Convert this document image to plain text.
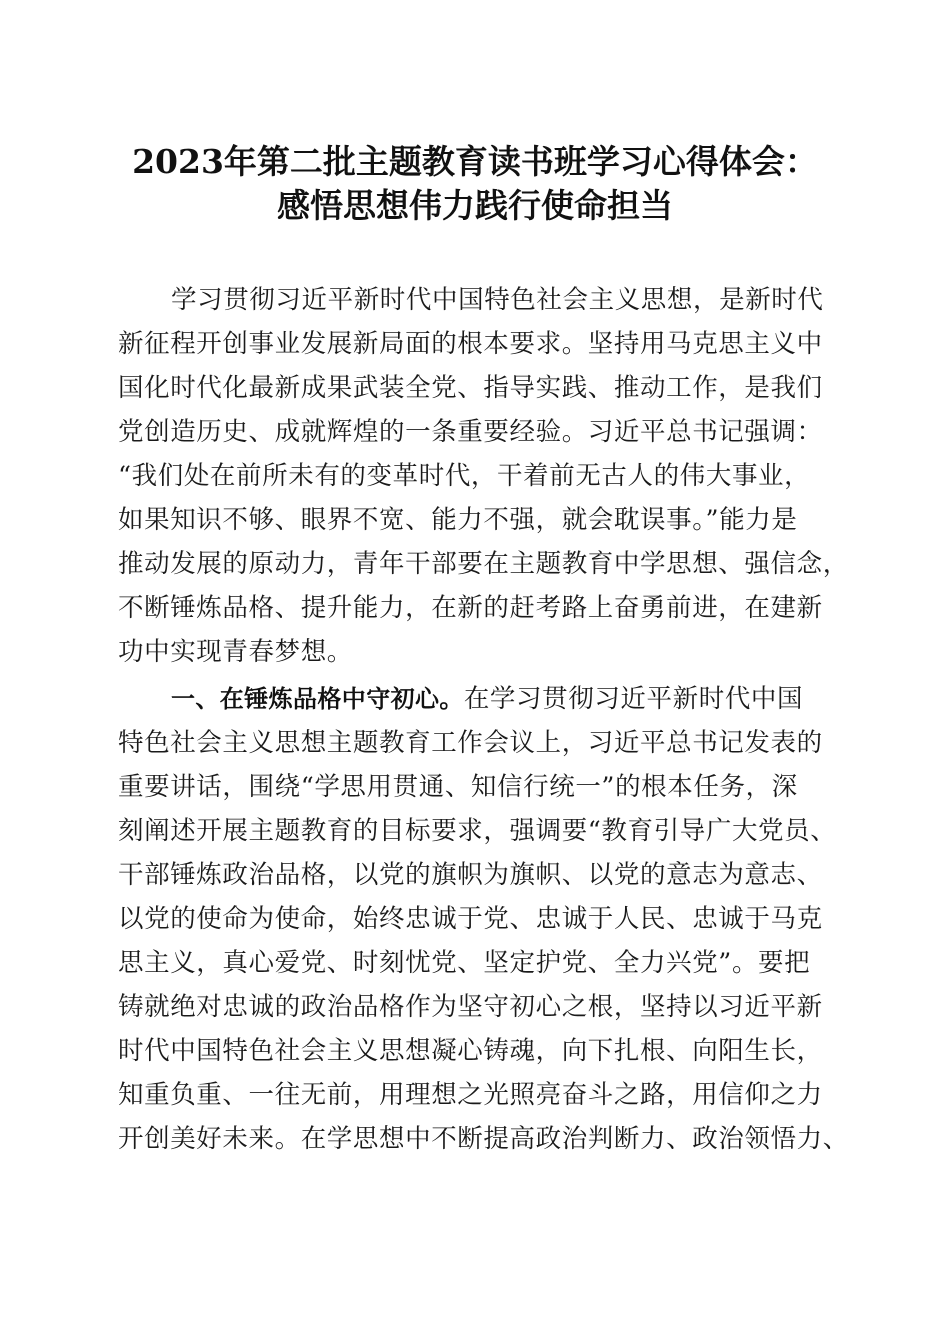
2023年第二批主题教育读书班学习心得体会：
感悟思想伟力践行使命担当
学习贯彻习近平新时代中国特色社会主义思想，是新时代
新征程开创事业发展新局面的根本要求。坚持用马克思主义中
国化时代化最新成果武装全党、指导实践、推动工作，是我们
党创造历史、成就辉煌的一条重要经验。习近平总书记强调：
“我们处在前所未有的变革时代，干着前无古人的伟大事业，
如果知识不够、眼界不宽、能力不强，就会耽误事。”能力是
推动发展的原动力，青年干部要在主题教育中学思想、强信念，
不断锤炼品格、提升能力，在新的赶考路上奋勇前进，在建新
功中实现青春梦想。
一、在锤炼品格中守初心。在学习贯彻习近平新时代中国
特色社会主义思想主题教育工作会议上，习近平总书记发表的
重要讲话，围绕“学思用贯通、知信行统一”的根本任务，深
刻阐述开展主题教育的目标要求，强调要“教育引导广大党员、
干部锤炼政治品格，以党的旗帜为旗帜、以党的意志为意志、
以党的使命为使命，始终忠诚于党、忠诚于人民、忠诚于马克
思主义，真心爱党、时刻忧党、坚定护党、全力兴党”。要把
铸就绝对忠诚的政治品格作为坚守初心之根，坚持以习近平新
时代中国特色社会主义思想凝心铸魂，向下扎根、向阳生长，
知重负重、一往无前，用理想之光照亮奋斗之路，用信仰之力
开创美好未来。在学思想中不断提高政治判断力、政治领悟力、
